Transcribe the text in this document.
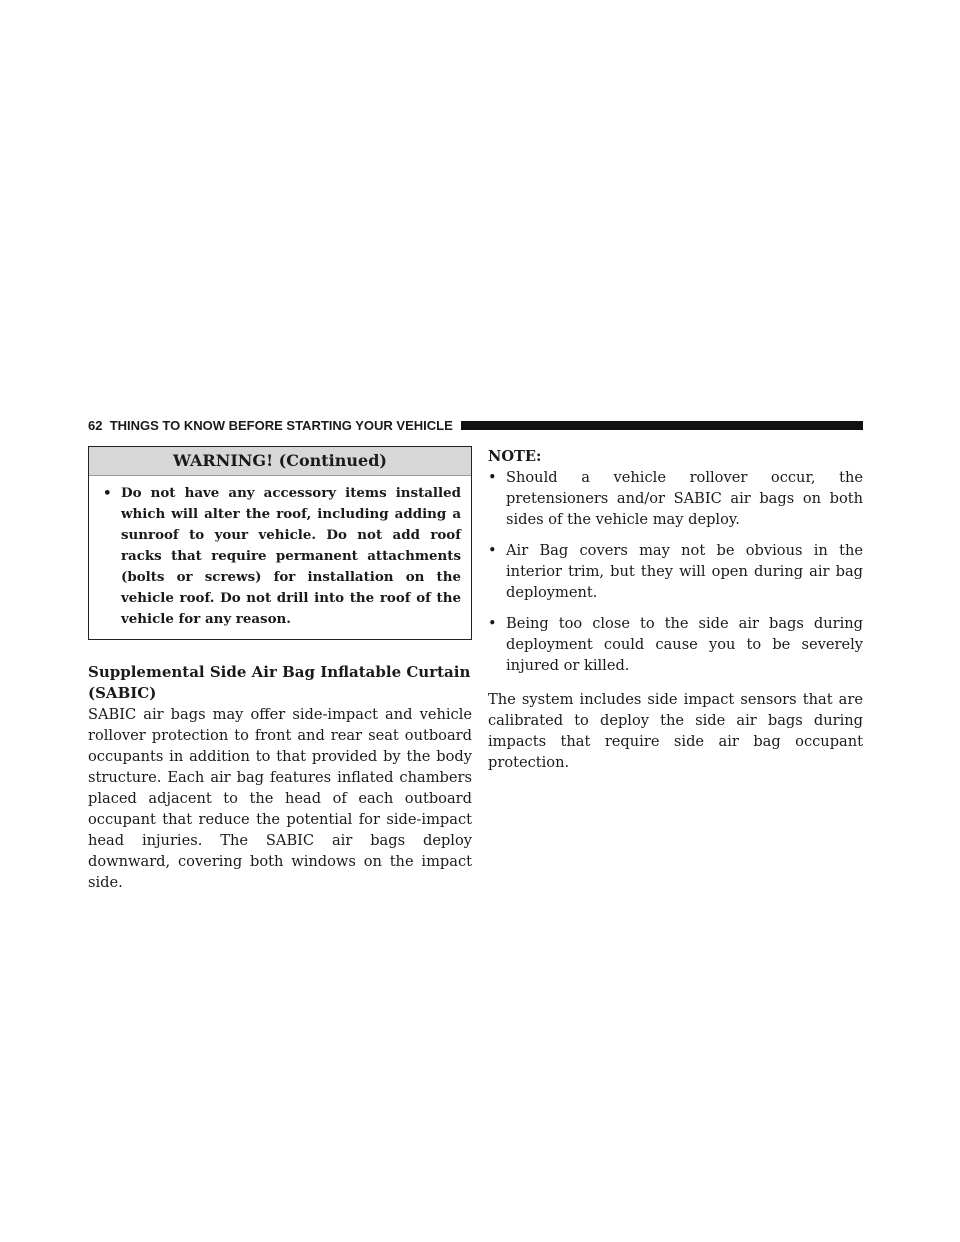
62 THINGS TO KNOW BEFORE STARTING YOUR VEHICLE
WARNING! (Continued)
• Do not have any accessory items installed which will alter the roof, including adding a sunroof to your vehicle. Do not add roof racks that require permanent attachments (bolts or screws) for installation on the vehicle roof. Do not drill into the roof of the vehicle for any reason.
Supplemental Side Air Bag Inflatable Curtain (SABIC)
SABIC air bags may offer side-impact and vehicle rollover protection to front and rear seat outboard occupants in addition to that provided by the body structure. Each air bag features inflated chambers placed adjacent to the head of each outboard occupant that reduce the potential for side-impact head injuries. The SABIC air bags deploy downward, covering both windows on the impact side.
NOTE:
• Should a vehicle rollover occur, the pretensioners and/or SABIC air bags on both sides of the vehicle may deploy.
• Air Bag covers may not be obvious in the interior trim, but they will open during air bag deployment.
• Being too close to the side air bags during deployment could cause you to be severely injured or killed.
The system includes side impact sensors that are calibrated to deploy the side air bags during impacts that require side air bag occupant protection.
